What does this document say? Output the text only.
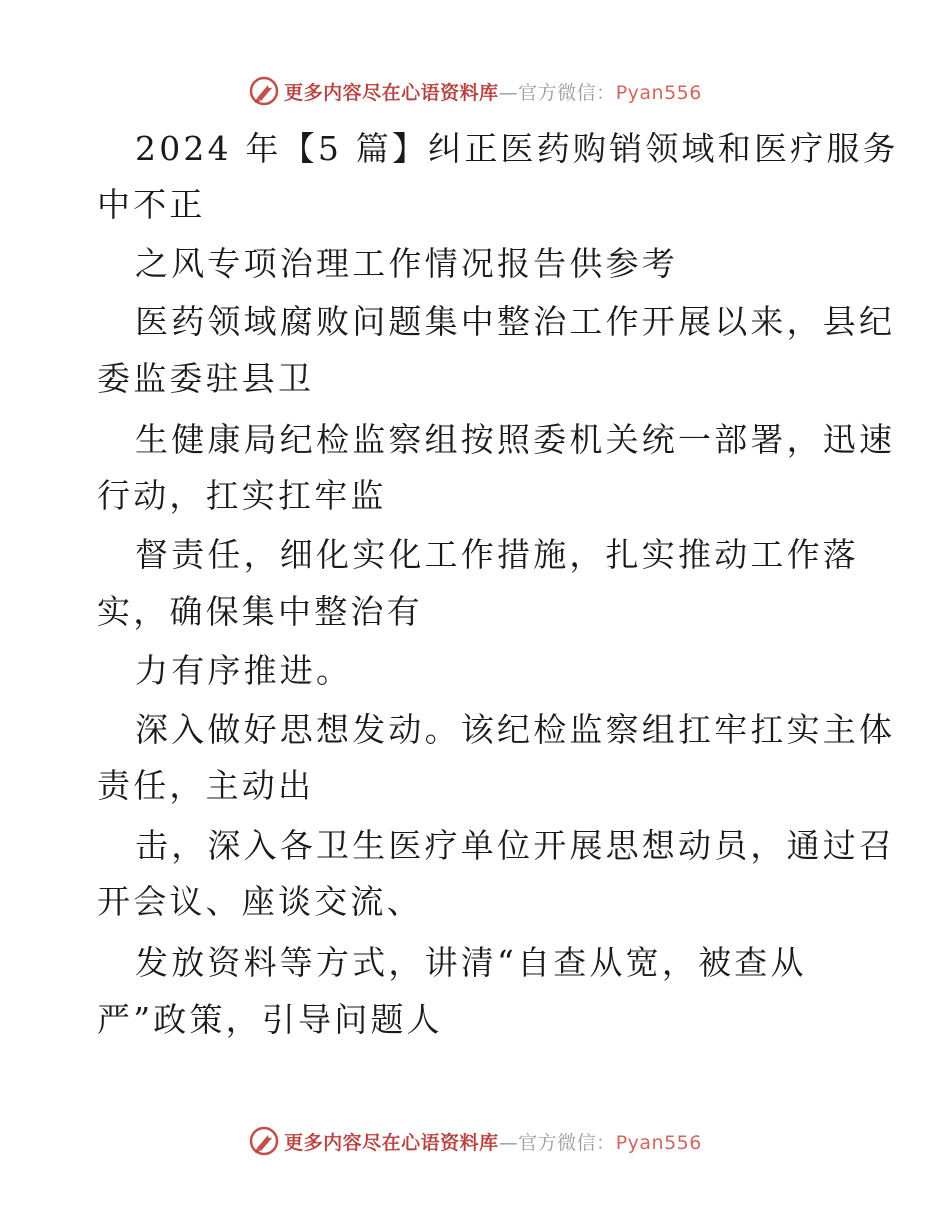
更多内容尽在心语资料库—官方微信：Pyan556
2024 年【5 篇】纠正医药购销领域和医疗服务
中不正
之风专项治理工作情况报告供参考
医药领域腐败问题集中整治工作开展以来，县纪
委监委驻县卫
生健康局纪检监察组按照委机关统一部署，迅速
行动，扛实扛牢监
督责任，细化实化工作措施，扎实推动工作落
实，确保集中整治有
力有序推进。
深入做好思想发动。该纪检监察组扛牢扛实主体
责任，主动出
击，深入各卫生医疗单位开展思想动员，通过召
开会议、座谈交流、
发放资料等方式，讲清“自查从宽，被查从
严”政策，引导问题人
更多内容尽在心语资料库—官方微信：Pyan556
